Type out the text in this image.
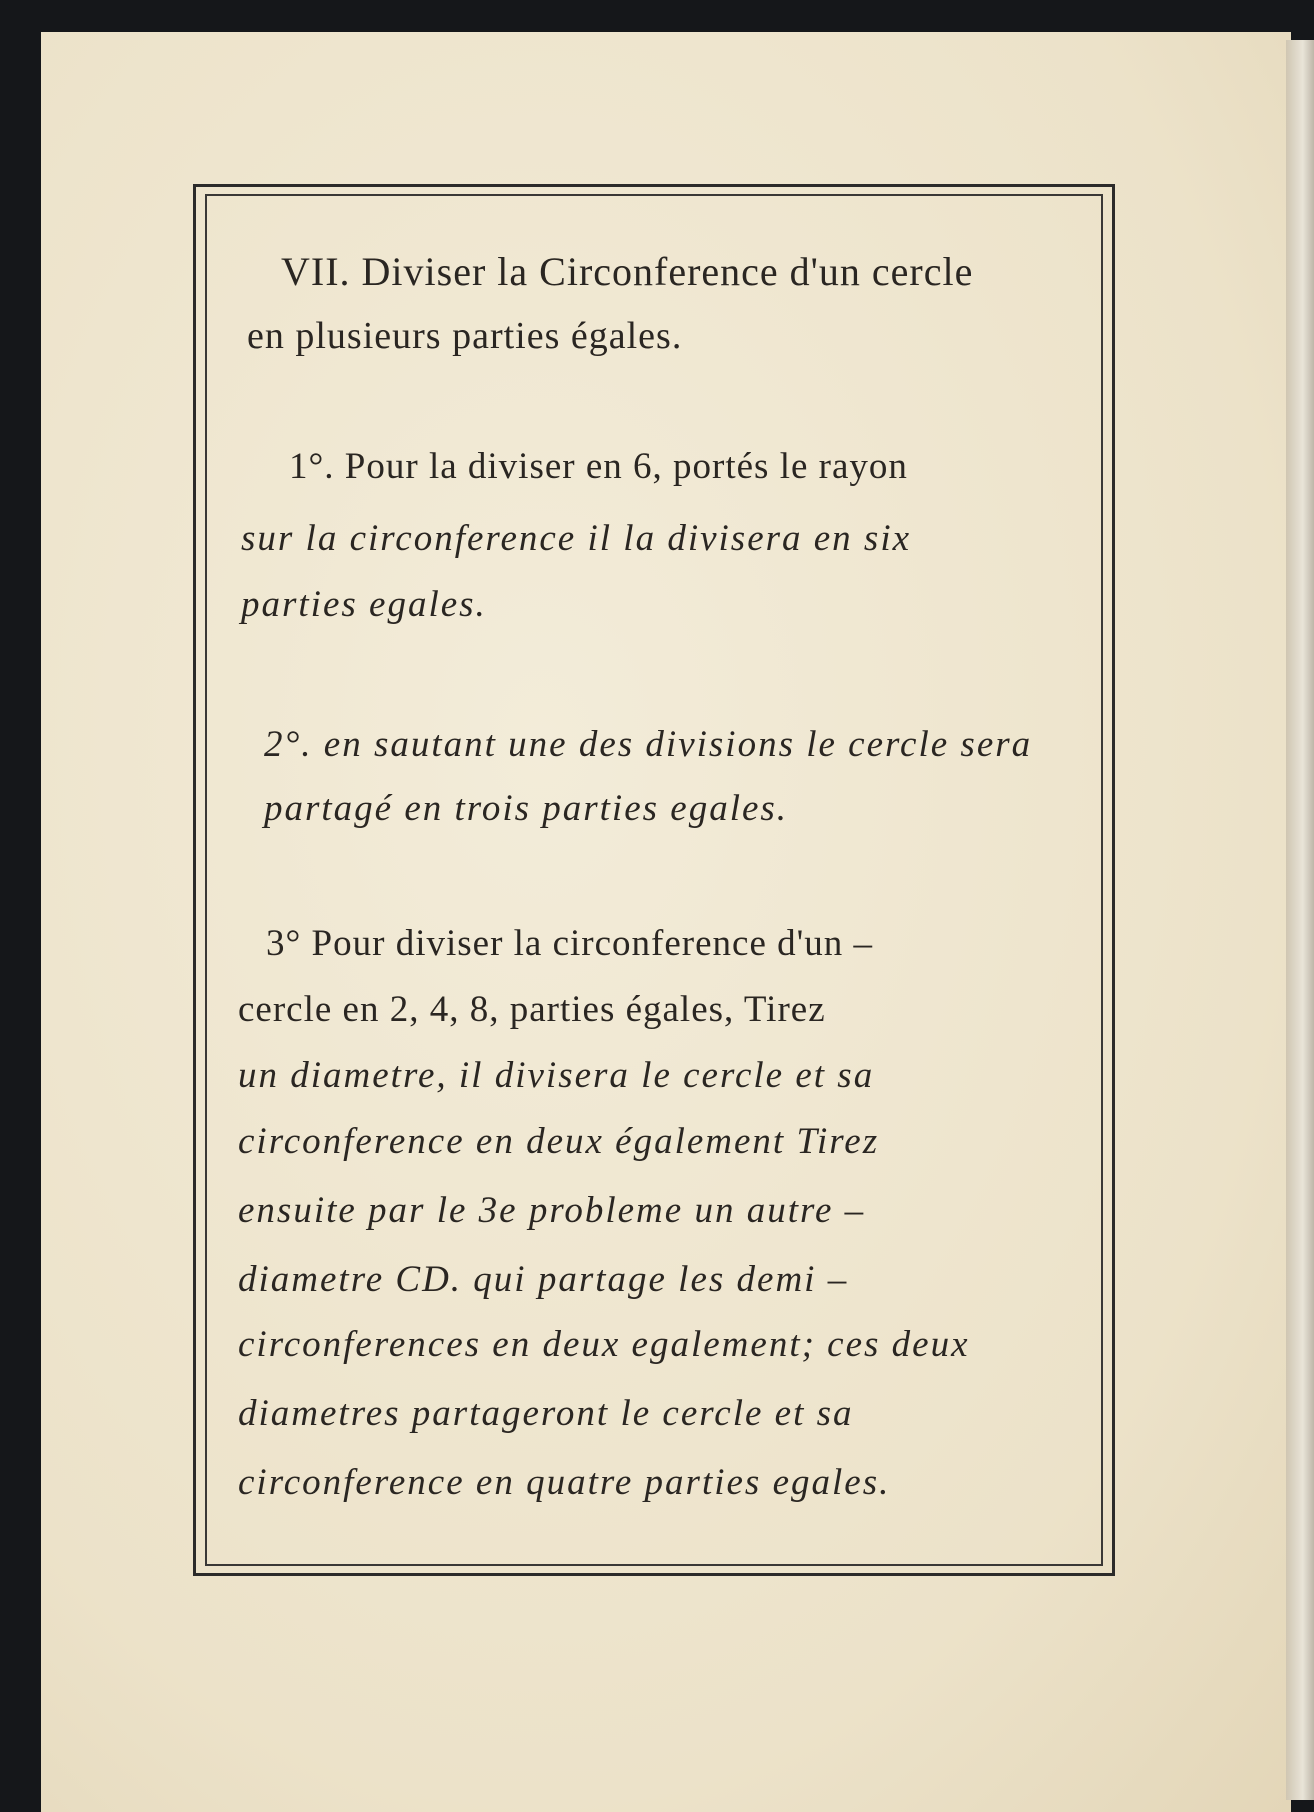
VII. Diviser la Circonference d'un cercle
en plusieurs parties égales.
1°. Pour la diviser en 6, portés le rayon
sur la circonference il la divisera en six
parties egales.
2°. en sautant une des divisions le cercle sera
partagé en trois parties egales.
3° Pour diviser la circonference d'un –
cercle en 2, 4, 8, parties égales, Tirez
un diametre, il divisera le cercle et sa
circonference en deux également Tirez
ensuite par le 3e probleme un autre –
diametre CD. qui partage les demi –
circonferences en deux egalement; ces deux
diametres partageront le cercle et sa
circonference en quatre parties egales.
